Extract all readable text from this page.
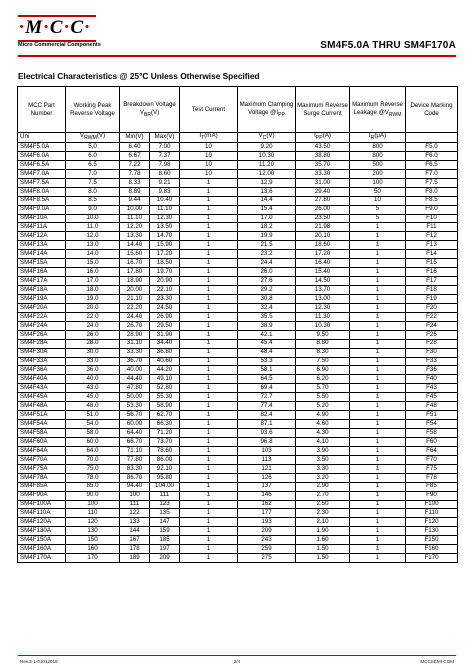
·M·C·C·
Micro Commercial Components	SM4F5.0A THRU SM4F170A
Electrical Characteristics @ 25°C Unless Otherwise Specified
MCC Part Number	Working Peak Reverse Voltage	Breakdown Voltage $V_{BR}(V)$		Test Current	Maximum Clamping Voltage $@I_{PP}$	Maximum Reverse Surge Current	Maximum Reverse Leakage $@V_{RWM}$	Device Marking Code
Uni	$V_{RWM}(V)$	Min(V)	Max(V)	$I_T(mA)$	$V_C(V)$	$I_{PP}(A)$	$I_R(\mu A)$	
SM4F5.0A	5.0	6.40	7.00	10	9.20	43.50	800	F5.0
SM4F6.0A	6.0	6.67	7.37	10	10.30	38.80	800	F6.0
SM4F6.5A	6.5	7.22	7.98	10	11.20	35.70	500	F6.5
SM4F7.0A	7.0	7.78	8.60	10	12.00	33.30	200	F7.0
SM4F7.5A	7.5	8.33	9.21	1	12.9	31.00	100	F7.5
SM4F8.0A	8.0	8.89	9.83	1	13.6	29.40	50	F8.0
SM4F8.5A	8.5	9.44	10.40	1	14.4	27.80	10	F8.5
SM4F9.0A	9.0	10.00	11.10	1	15.4	26.00	5	F9.0
SM4F10A	10.0	11.10	12.30	1	17.0	23.50	5	F10
SM4F11A	11.0	12.20	13.50	1	18.2	21.98	1	F11
SM4F12A	12.0	13.30	14.70	1	19.9	20.10	1	F12
SM4F13A	13.0	14.40	15.90	1	21.5	18.60	1	F13
SM4F14A	14.0	15.60	17.20	1	23.2	17.20	1	F14
SM4F15A	15.0	16.70	18.50	1	24.4	16.40	1	F15
SM4F16A	16.0	17.80	19.70	1	26.0	15.40	1	F16
SM4F17A	17.0	18.90	20.90	1	27.6	14.50	1	F17
SM4F18A	18.0	20.00	22.10	1	29.2	13.70	1	F18
SM4F19A	19.0	21.10	23.30	1	30.8	13.00	1	F19
SM4F20A	20.0	22.20	24.50	1	32.4	12.30	1	F20
SM4F22A	22.0	24.40	26.90	1	35.5	11.30	1	F22
SM4F24A	24.0	26.70	29.50	1	38.9	10.30	1	F24
SM4F26A	26.0	28.90	31.90	1	42.1	9.50	1	F26
SM4F28A	28.0	31.10	34.40	1	45.4	8.80	1	F28
SM4F30A	30.0	33.30	36.80	1	48.4	8.30	1	F30
SM4F33A	33.0	36.70	40.60	1	53.3	7.50	1	F33
SM4F36A	36.0	40.00	44.20	1	58.1	6.90	1	F36
SM4F40A	40.0	44.40	49.10	1	64.5	6.20	1	F40
SM4F43A	43.0	47.80	52.80	1	69.4	5.70	1	F43
SM4F45A	45.0	50.00	55.30	1	72.7	5.50	1	F45
SM4F48A	48.0	53.30	58.90	1	77.4	5.20	1	F48
SM4F51A	51.0	56.70	62.70	1	82.4	4.90	1	F51
SM4F54A	54.0	60.00	66.30	1	87.1	4.60	1	F54
SM4F58A	58.0	64.40	71.20	1	93.6	4.30	1	F58
SM4F60A	60.0	66.70	73.70	1	96.8	4.10	1	F60
SM4F64A	64.0	71.10	78.60	1	103	3.90	1	F64
SM4F70A	70.0	77.80	86.00	1	113	3.50	1	F70
SM4F75A	75.0	83.30	92.10	1	121	3.30	1	F75
SM4F78A	78.0	86.70	95.80	1	126	3.20	1	F78
SM4F85A	85.0	94.40	104.00	1	137	2.90	1	F85
SM4F90A	90.0	100	111	1	146	2.70	1	F90
SM4F100A	100	111	123	1	162	2.50	1	F100
SM4F110A	110	122	135	1	177	2.30	1	F110
SM4F120A	120	133	147	1	193	2.10	1	F120
SM4F130A	130	144	159	1	209	1.90	1	F130
SM4F150A	150	167	185	1	243	1.60	1	F150
SM4F160A	160	178	197	1	259	1.50	1	F160
SM4F170A	170	189	209	1	275	1.50	1	F170
Rev.3-1-01012018	2/4	MCCSEMI.COM
